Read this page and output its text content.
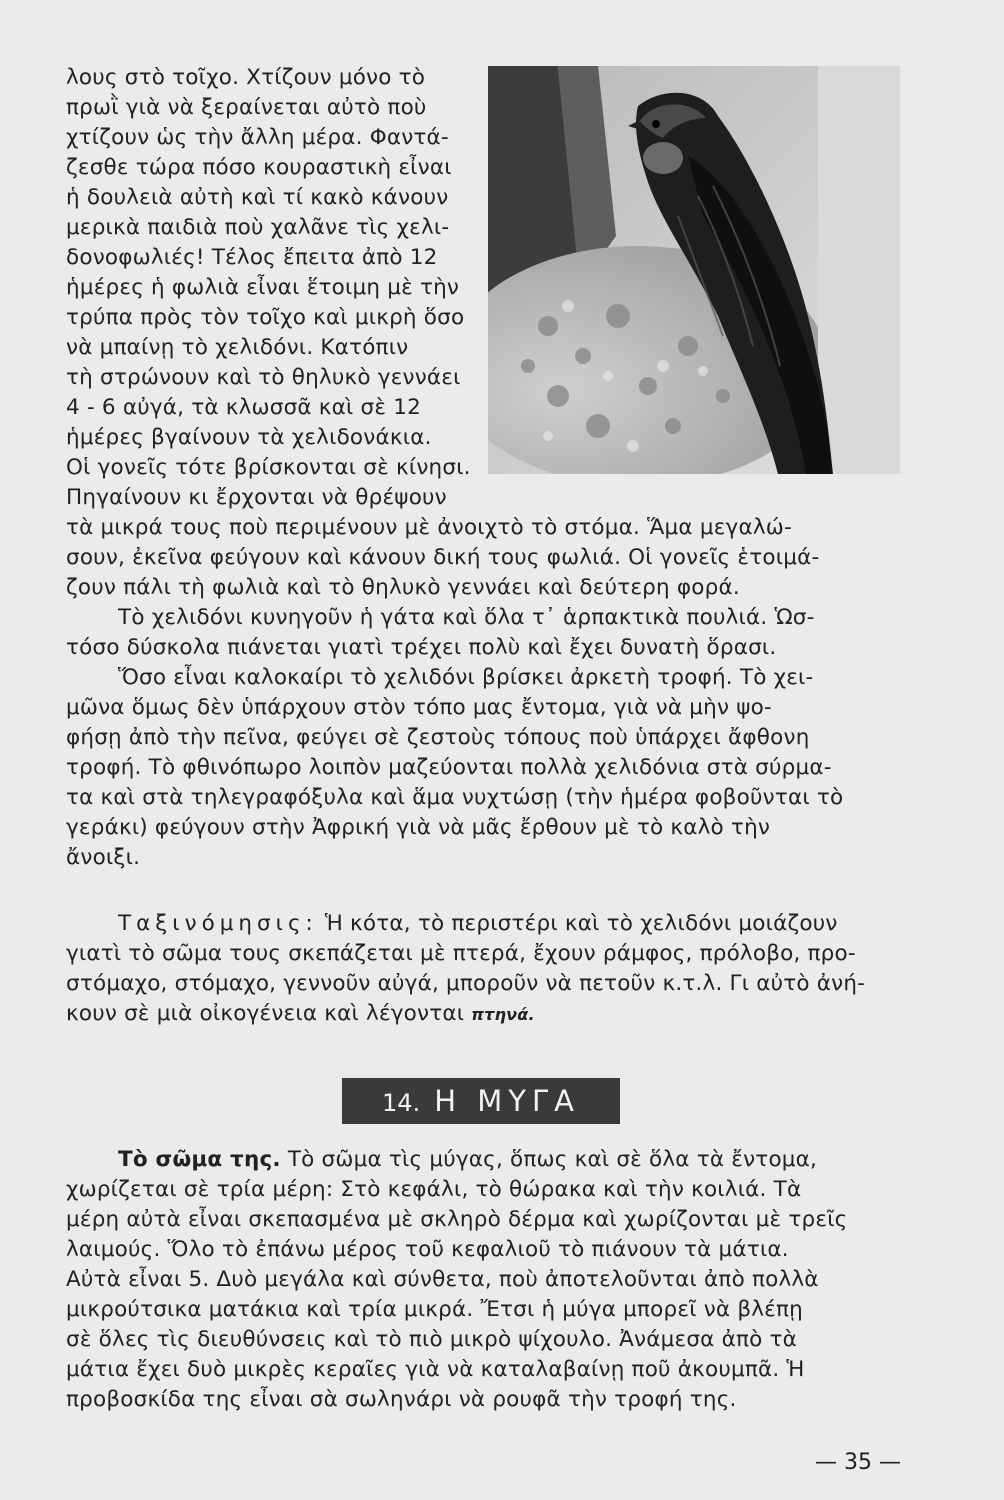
λους στὸ τοῖχο. Χτίζουν μόνο τὸ

πρωῒ γιὰ νὰ ξεραίνεται αὐτὸ ποὺ

χτίζουν ὡς τὴν ἄλλη μέρα. Φαντά-

ζεσθε τώρα πόσο κουραστικὴ εἶναι

ἡ δουλειὰ αὐτὴ καὶ τί κακὸ κάνουν

μερικὰ παιδιὰ ποὺ χαλᾶνε τὶς χελι-

δονοφωλιές! Τέλος ἔπειτα ἀπὸ 12

ἡμέρες ἡ φωλιὰ εἶναι ἕτοιμη μὲ τὴν

τρύπα πρὸς τὸν τοῖχο καὶ μικρὴ ὅσο

νὰ μπαίνῃ τὸ χελιδόνι. Κατόπιν

τὴ στρώνουν καὶ τὸ θηλυκὸ γεννάει

4 - 6 αὐγά, τὰ κλωσσᾶ καὶ σὲ 12

ἡμέρες βγαίνουν τὰ χελιδονάκια.

Οἱ γονεῖς τότε βρίσκονται σὲ κίνησι.

Πηγαίνουν κι ἔρχονται νὰ θρέψουν

τὰ μικρά τους ποὺ περιμένουν μὲ ἀνοιχτὸ τὸ στόμα. Ἅμα μεγαλώ-

σουν, ἐκεῖνα φεύγουν καὶ κάνουν δική τους φωλιά. Οἱ γονεῖς ἑτοιμά-

ζουν πάλι τὴ φωλιὰ καὶ τὸ θηλυκὸ γεννάει καὶ δεύτερη φορά.

Τὸ χελιδόνι κυνηγοῦν ἡ γάτα καὶ ὅλα τ᾿ ἁρπακτικὰ πουλιά. Ὡσ-

τόσο δύσκολα πιάνεται γιατὶ τρέχει πολὺ καὶ ἔχει δυνατὴ ὅρασι.

Ὅσο εἶναι καλοκαίρι τὸ χελιδόνι βρίσκει ἀρκετὴ τροφή. Τὸ χει-

μῶνα ὅμως δὲν ὑπάρχουν στὸν τόπο μας ἔντομα, γιὰ νὰ μὴν ψο-

φήσῃ ἀπὸ τὴν πεῖνα, φεύγει σὲ ζεστοὺς τόπους ποὺ ὑπάρχει ἄφθονη

τροφή. Τὸ φθινόπωρο λοιπὸν μαζεύονται πολλὰ χελιδόνια στὰ σύρμα-

τα καὶ στὰ τηλεγραφόξυλα καὶ ἅμα νυχτώσῃ (τὴν ἡμέρα φοβοῦνται τὸ

γεράκι) φεύγουν στὴν Ἀφρική γιὰ νὰ μᾶς ἔρθουν μὲ τὸ καλὸ τὴν

ἄνοιξι.

Ταξινόμησις: Ἡ κότα, τὸ περιστέρι καὶ τὸ χελιδόνι μοιάζουν

γιατὶ τὸ σῶμα τους σκεπάζεται μὲ πτερά, ἔχουν ράμφος, πρόλοβο, προ-

στόμαχο, στόμαχο, γεννοῦν αὐγά, μποροῦν νὰ πετοῦν κ.τ.λ. Γι αὐτὸ ἀνή-

κουν σὲ μιὰ οἰκογένεια καὶ λέγονται πτηνά.

14. Η ΜΥΓΑ

Τὸ σῶμα της. Τὸ σῶμα τὶς μύγας, ὅπως καὶ σὲ ὅλα τὰ ἔντομα,

χωρίζεται σὲ τρία μέρη: Στὸ κεφάλι, τὸ θώρακα καὶ τὴν κοιλιά. Τὰ

μέρη αὐτὰ εἶναι σκεπασμένα μὲ σκληρὸ δέρμα καὶ χωρίζονται μὲ τρεῖς

λαιμούς. Ὅλο τὸ ἐπάνω μέρος τοῦ κεφαλιοῦ τὸ πιάνουν τὰ μάτια.

Αὐτὰ εἶναι 5. Δυὸ μεγάλα καὶ σύνθετα, ποὺ ἀποτελοῦνται ἀπὸ πολλὰ

μικρούτσικα ματάκια καὶ τρία μικρά. Ἔτσι ἡ μύγα μπορεῖ νὰ βλέπῃ

σὲ ὅλες τὶς διευθύνσεις καὶ τὸ πιὸ μικρὸ ψίχουλο. Ἀνάμεσα ἀπὸ τὰ

μάτια ἔχει δυὸ μικρὲς κεραῖες γιὰ νὰ καταλαβαίνῃ ποῦ ἀκουμπᾶ. Ἡ

προβοσκίδα της εἶναι σὰ σωληνάρι νὰ ρουφᾶ τὴν τροφή της.

— 35 —
